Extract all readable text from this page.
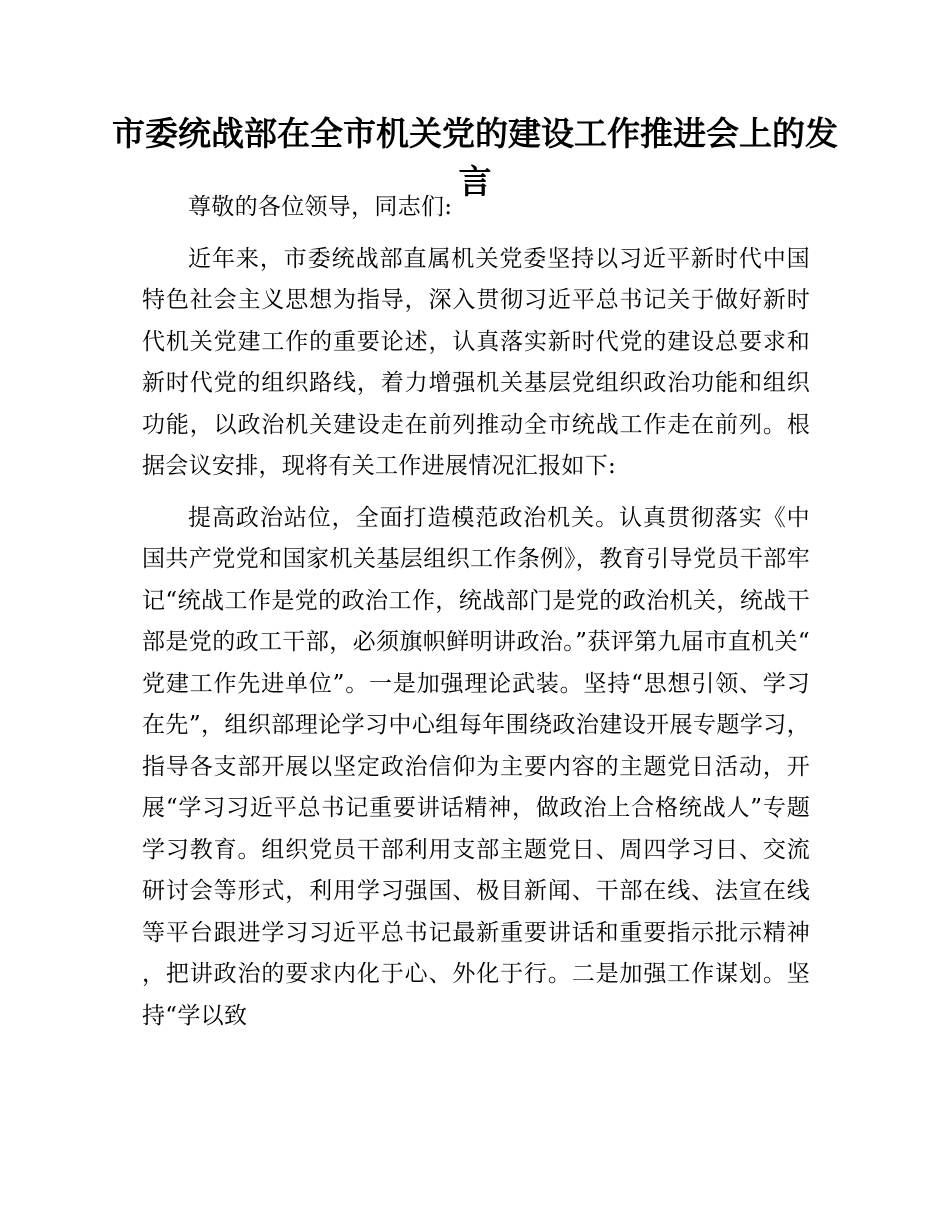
市委统战部在全市机关党的建设工作推进会上的发言

尊敬的各位领导，同志们:

近年来，市委统战部直属机关党委坚持以习近平新时代中国特色社会主义思想为指导，深入贯彻习近平总书记关于做好新时代机关党建工作的重要论述，认真落实新时代党的建设总要求和新时代党的组织路线，着力增强机关基层党组织政治功能和组织功能，以政治机关建设走在前列推动全市统战工作走在前列。根据会议安排，现将有关工作进展情况汇报如下:

提高政治站位，全面打造模范政治机关。认真贯彻落实《中国共产党党和国家机关基层组织工作条例》，教育引导党员干部牢记“统战工作是党的政治工作，统战部门是党的政治机关，统战干部是党的政工干部，必须旗帜鲜明讲政治。”获评第九届市直机关“党建工作先进单位”。一是加强理论武装。坚持“思想引领、学习在先”，组织部理论学习中心组每年围绕政治建设开展专题学习，指导各支部开展以坚定政治信仰为主要内容的主题党日活动，开展“学习习近平总书记重要讲话精神，做政治上合格统战人”专题学习教育。组织党员干部利用支部主题党日、周四学习日、交流研讨会等形式，利用学习强国、极目新闻、干部在线、法宣在线等平台跟进学习习近平总书记最新重要讲话和重要指示批示精神，把讲政治的要求内化于心、外化于行。二是加强工作谋划。坚持“学以致
